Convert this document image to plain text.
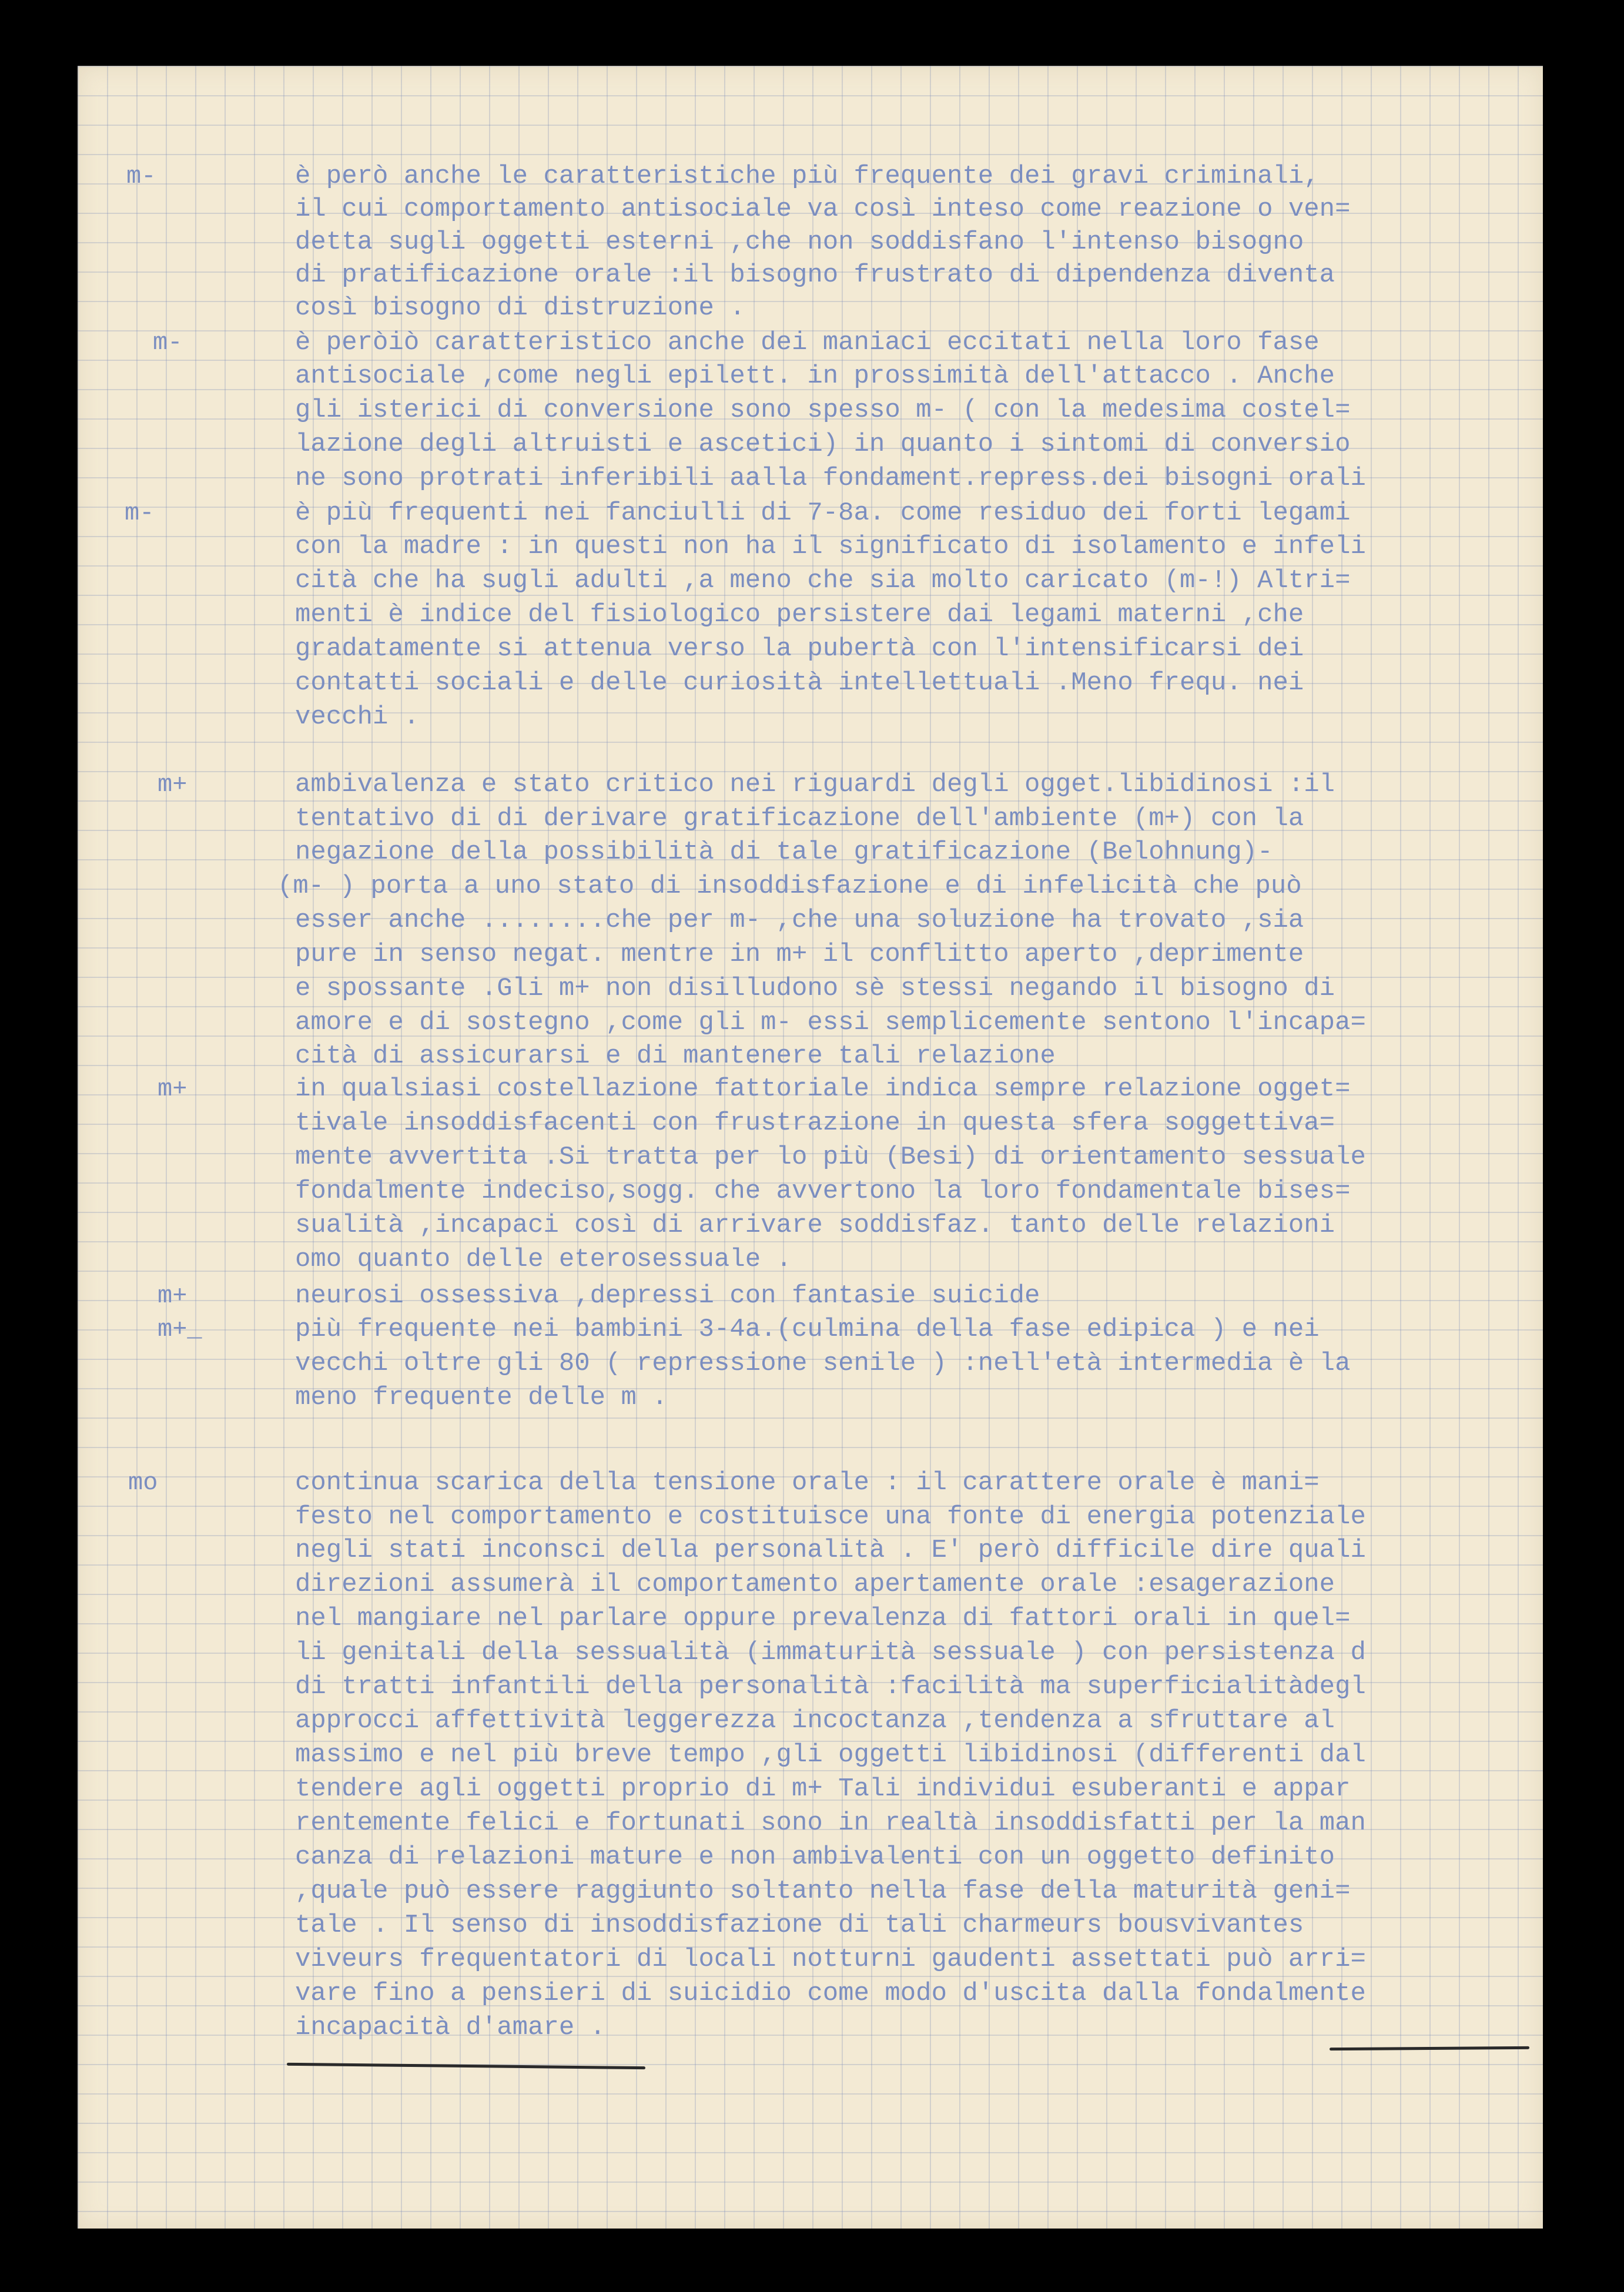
m-
m-
m-
m+
m+
m+
m+_
mo
è però anche le caratteristiche più frequente dei gravi criminali,
il cui comportamento antisociale va così inteso come reazione o ven=
detta sugli oggetti esterni ,che non soddisfano l'intenso bisogno
di pratificazione orale :il bisogno frustrato di dipendenza diventa
così bisogno di distruzione .
è peròiò caratteristico anche dei maniaci eccitati nella loro fase
antisociale ,come negli epilett. in prossimità dell'attacco . Anche
gli isterici di conversione sono spesso m- ( con la medesima costel=
lazione degli altruisti e ascetici) in quanto i sintomi di conversio
ne sono protrati inferibili aalla fondament.repress.dei bisogni orali
è più frequenti nei fanciulli di 7-8a. come residuo dei forti legami
con la madre : in questi non ha il significato di isolamento e infeli
cità che ha sugli adulti ,a meno che sia molto caricato (m-!) Altri=
menti è indice del fisiologico persistere dai legami materni ,che
gradatamente si attenua verso la pubertà con l'intensificarsi dei
contatti sociali e delle curiosità intellettuali .Meno frequ. nei
vecchi .
ambivalenza e stato critico nei riguardi degli ogget.libidinosi :il
tentativo di di derivare gratificazione dell'ambiente (m+) con la
negazione della possibilità di tale gratificazione (Belohnung)-
(m- ) porta a uno stato di insoddisfazione e di infelicità che può
esser anche ........che per m- ,che una soluzione ha trovato ,sia
pure in senso negat. mentre in m+ il conflitto aperto ,deprimente
e spossante .Gli m+ non disilludono sè stessi negando il bisogno di
amore e di sostegno ,come gli m- essi semplicemente sentono l'incapa=
cità di assicurarsi e di mantenere tali relazione
in qualsiasi costellazione fattoriale indica sempre relazione ogget=
tivale insoddisfacenti con frustrazione in questa sfera soggettiva=
mente avvertita .Si tratta per lo più (Besi) di orientamento sessuale
fondalmente indeciso,sogg. che avvertono la loro fondamentale bises=
sualità ,incapaci così di arrivare soddisfaz. tanto delle relazioni
omo quanto delle eterosessuale .
neurosi ossessiva ,depressi con fantasie suicide
più frequente nei bambini 3-4a.(culmina della fase edipica ) e nei
vecchi oltre gli 80 ( repressione senile ) :nell'età intermedia è la
meno frequente delle m .
continua scarica della tensione orale : il carattere orale è mani=
festo nel comportamento e costituisce una fonte di energia potenziale
negli stati inconsci della personalità . E' però difficile dire quali
direzioni assumerà il comportamento apertamente orale :esagerazione
nel mangiare nel parlare oppure prevalenza di fattori orali in quel=
li genitali della sessualità (immaturità sessuale ) con persistenza d
di tratti infantili della personalità :facilità ma superficialitàdegl
approcci affettività leggerezza incoctanza ,tendenza a sfruttare al
massimo e nel più breve tempo ,gli oggetti libidinosi (differenti dal
tendere agli oggetti proprio di m+ Tali individui esuberanti e appar
rentemente felici e fortunati sono in realtà insoddisfatti per la man
canza di relazioni mature e non ambivalenti con un oggetto definito
,quale può essere raggiunto soltanto nella fase della maturità geni=
tale . Il senso di insoddisfazione di tali charmeurs bousvivantes
viveurs frequentatori di locali notturni gaudenti assettati può arri=
vare fino a pensieri di suicidio come modo d'uscita dalla fondalmente
incapacità d'amare .
